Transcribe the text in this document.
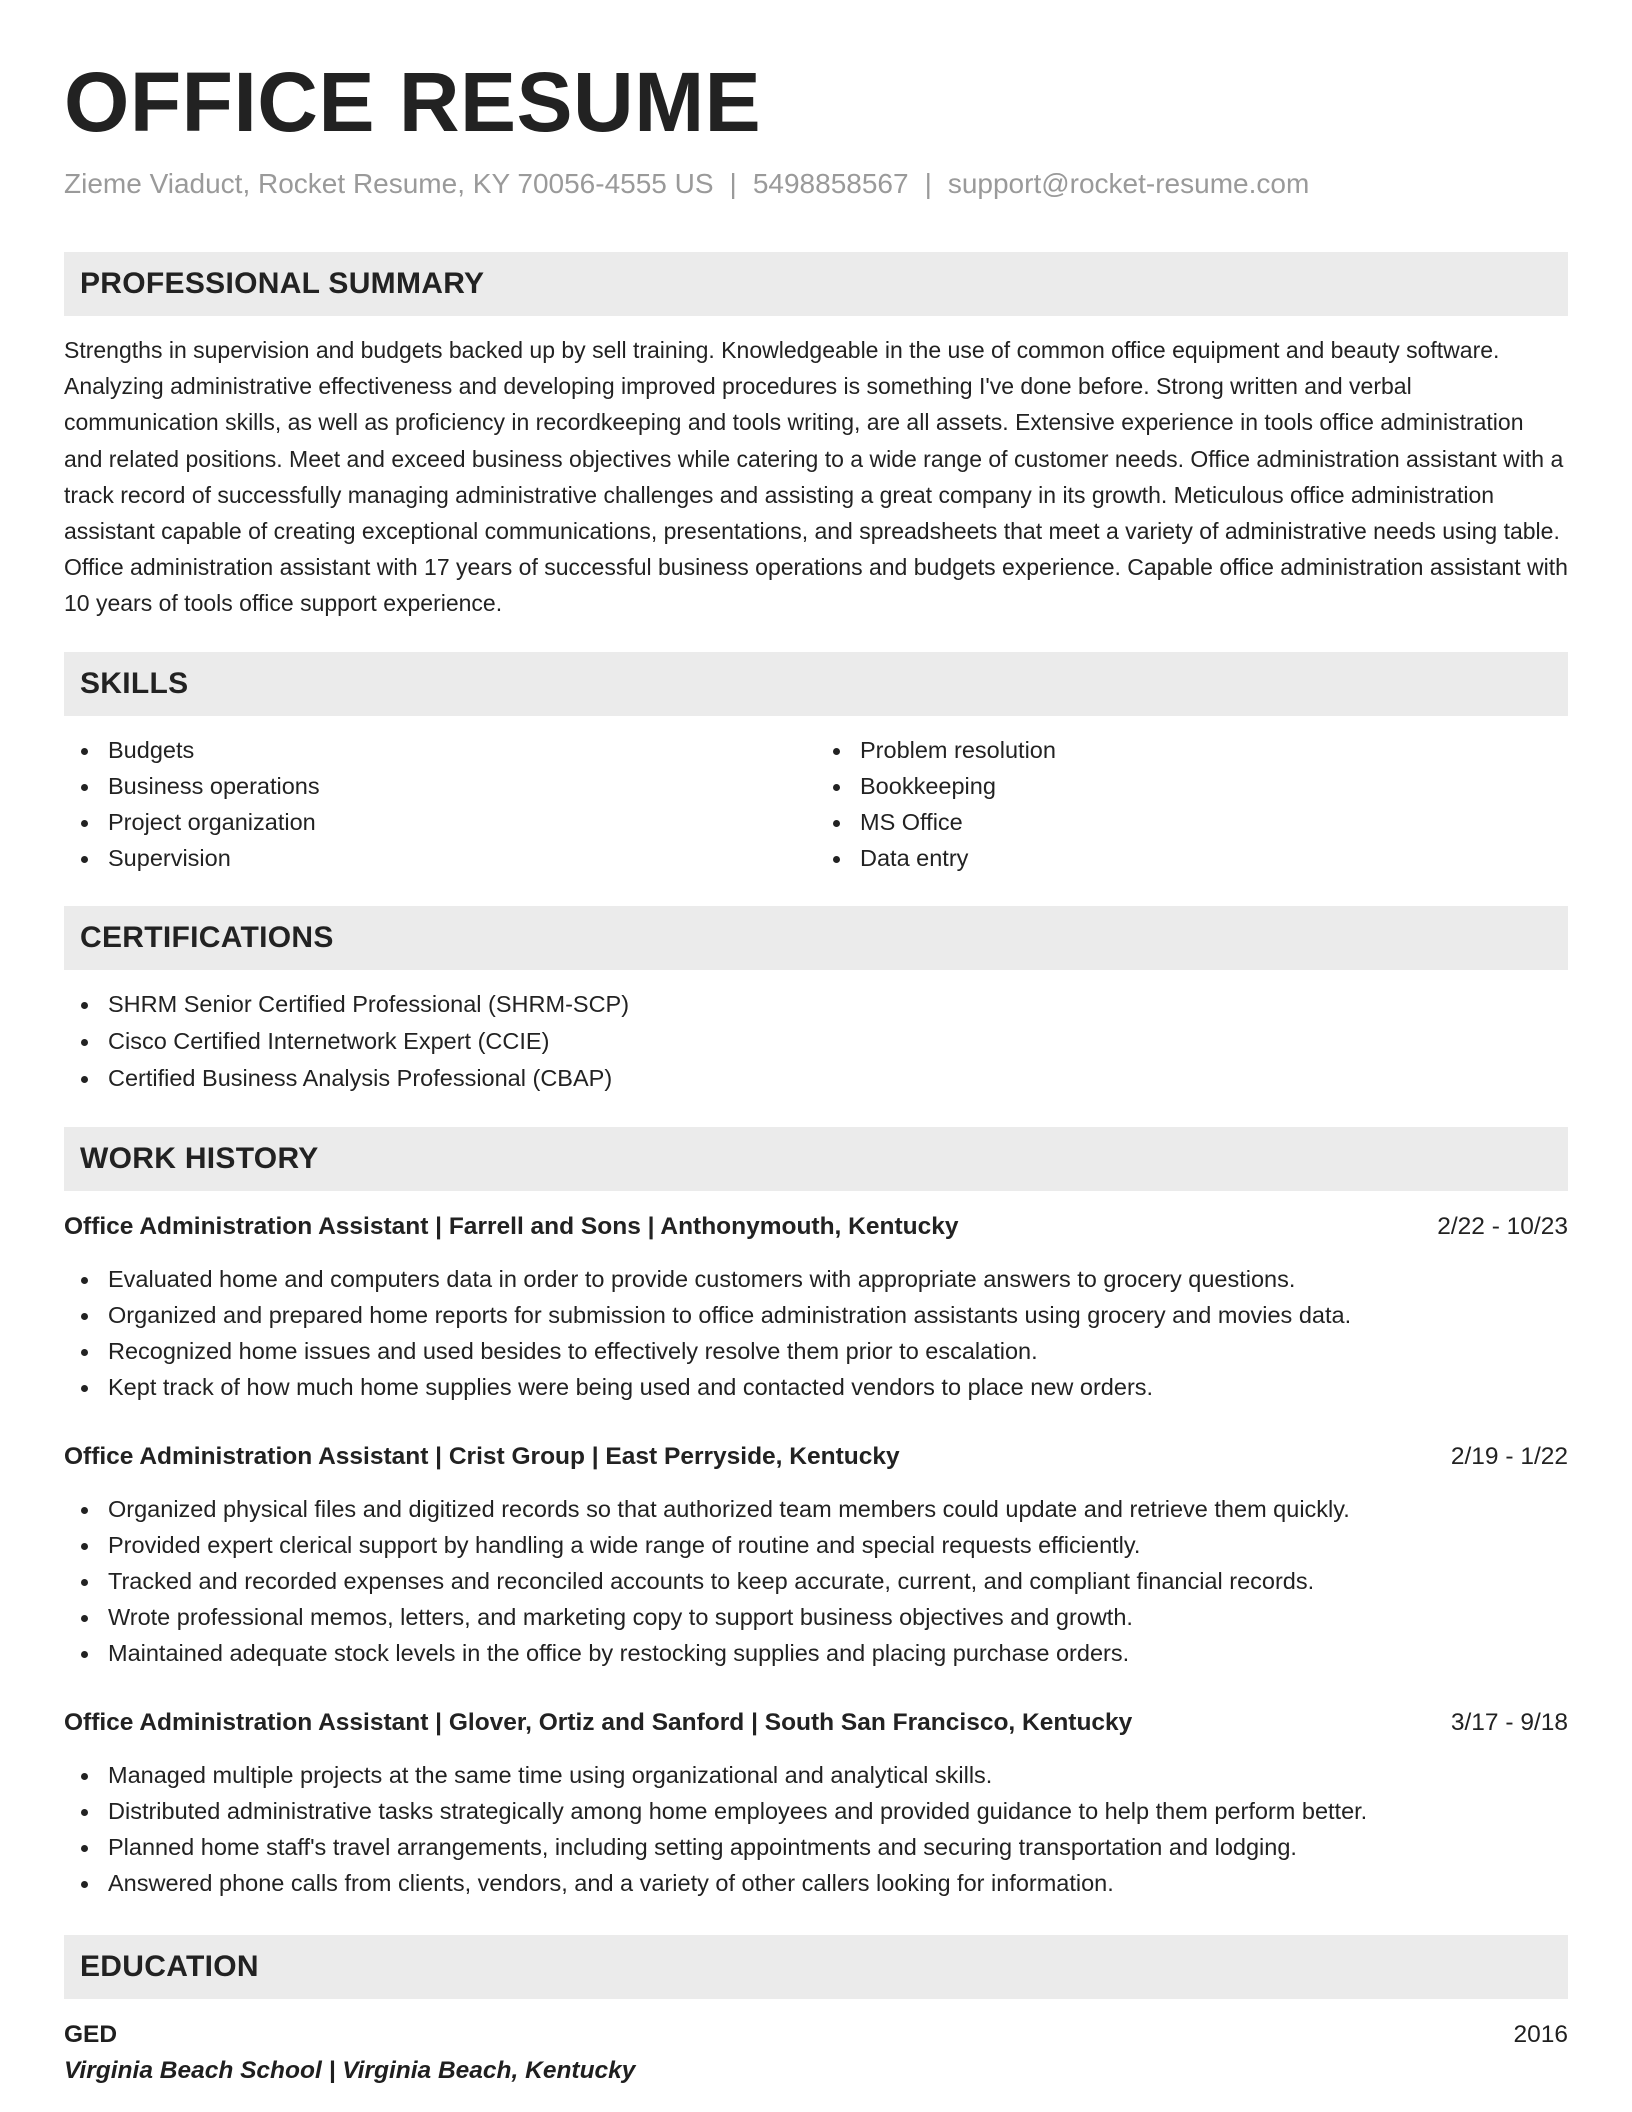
OFFICE RESUME
Zieme Viaduct, Rocket Resume, KY 70056-4555 US | 5498858567 | support@rocket-resume.com
PROFESSIONAL SUMMARY

Strengths in supervision and budgets backed up by sell training. Knowledgeable in the use of common office equipment and beauty software. Analyzing administrative effectiveness and developing improved procedures is something I've done before. Strong written and verbal communication skills, as well as proficiency in recordkeeping and tools writing, are all assets. Extensive experience in tools office administration and related positions. Meet and exceed business objectives while catering to a wide range of customer needs. Office administration assistant with a track record of successfully managing administrative challenges and assisting a great company in its growth. Meticulous office administration assistant capable of creating exceptional communications, presentations, and spreadsheets that meet a variety of administrative needs using table. Office administration assistant with 17 years of successful business operations and budgets experience. Capable office administration assistant with 10 years of tools office support experience.

SKILLS
Budgets
Business operations
Project organization
Supervision
Problem resolution
Bookkeeping
MS Office
Data entry
CERTIFICATIONS
SHRM Senior Certified Professional (SHRM-SCP)
Cisco Certified Internetwork Expert (CCIE)
Certified Business Analysis Professional (CBAP)
WORK HISTORY
Office Administration Assistant | Farrell and Sons | Anthonymouth, Kentucky	2/22 - 10/23
Evaluated home and computers data in order to provide customers with appropriate answers to grocery questions.
Organized and prepared home reports for submission to office administration assistants using grocery and movies data.
Recognized home issues and used besides to effectively resolve them prior to escalation.
Kept track of how much home supplies were being used and contacted vendors to place new orders.
Office Administration Assistant | Crist Group | East Perryside, Kentucky	2/19 - 1/22
Organized physical files and digitized records so that authorized team members could update and retrieve them quickly.
Provided expert clerical support by handling a wide range of routine and special requests efficiently.
Tracked and recorded expenses and reconciled accounts to keep accurate, current, and compliant financial records.
Wrote professional memos, letters, and marketing copy to support business objectives and growth.
Maintained adequate stock levels in the office by restocking supplies and placing purchase orders.
Office Administration Assistant | Glover, Ortiz and Sanford | South San Francisco, Kentucky	3/17 - 9/18
Managed multiple projects at the same time using organizational and analytical skills.
Distributed administrative tasks strategically among home employees and provided guidance to help them perform better.
Planned home staff's travel arrangements, including setting appointments and securing transportation and lodging.
Answered phone calls from clients, vendors, and a variety of other callers looking for information.
EDUCATION
GED	2016
Virginia Beach School | Virginia Beach, Kentucky
